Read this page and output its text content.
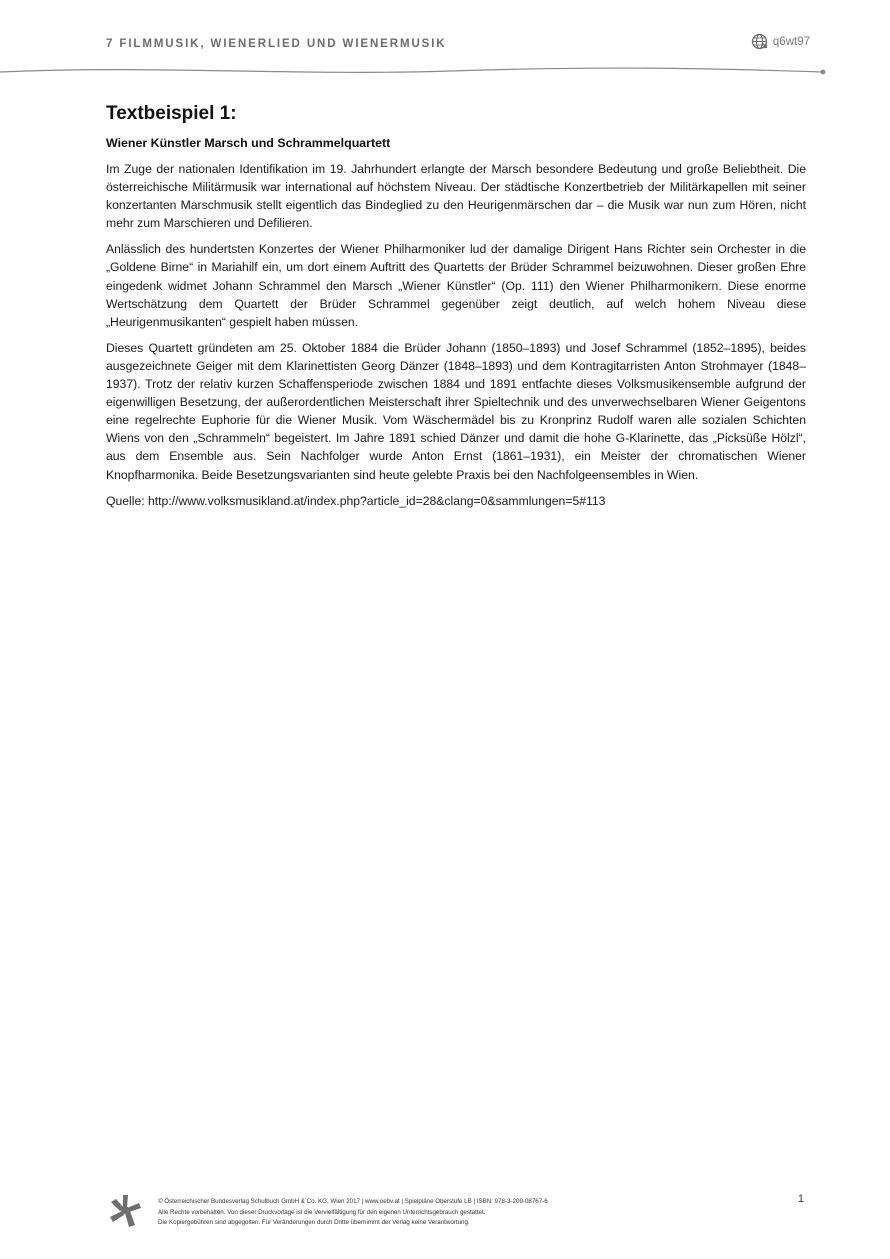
7 FILMMUSIK, WIENERLIED UND WIENERMUSIK	q6wt97
Textbeispiel 1:
Wiener Künstler Marsch und Schrammelquartett

Im Zuge der nationalen Identifikation im 19. Jahrhundert erlangte der Marsch besondere Bedeutung und große Beliebtheit. Die österreichische Militärmusik war international auf höchstem Niveau. Der städtische Konzertbetrieb der Militärkapellen mit seiner konzertanten Marschmusik stellt eigentlich das Bindeglied zu den Heurigenmärschen dar – die Musik war nun zum Hören, nicht mehr zum Marschieren und Defilieren.

Anlässlich des hundertsten Konzertes der Wiener Philharmoniker lud der damalige Dirigent Hans Richter sein Orchester in die „Goldene Birne“ in Mariahilf ein, um dort einem Auftritt des Quartetts der Brüder Schrammel beizuwohnen. Dieser großen Ehre eingedenk widmet Johann Schrammel den Marsch „Wiener Künstler“ (Op. 111) den Wiener Philharmonikern. Diese enorme Wertschätzung dem Quartett der Brüder Schrammel gegenüber zeigt deutlich, auf welch hohem Niveau diese „Heurigenmusikanten“ gespielt haben müssen.

Dieses Quartett gründeten am 25. Oktober 1884 die Brüder Johann (1850–1893) und Josef Schrammel (1852–1895), beides ausgezeichnete Geiger mit dem Klarinettisten Georg Dänzer (1848–1893) und dem Kontragitarristen Anton Strohmayer (1848–1937). Trotz der relativ kurzen Schaffensperiode zwischen 1884 und 1891 entfachte dieses Volksmusikensemble aufgrund der eigenwilligen Besetzung, der außerordentlichen Meisterschaft ihrer Spieltechnik und des unverwechselbaren Wiener Geigentons eine regelrechte Euphorie für die Wiener Musik. Vom Wäschermädel bis zu Kronprinz Rudolf waren alle sozialen Schichten Wiens von den „Schrammeln“ begeistert. Im Jahre 1891 schied Dänzer und damit die hohe G-Klarinette, das „Picksüße Hölzl“, aus dem Ensemble aus. Sein Nachfolger wurde Anton Ernst (1861–1931), ein Meister der chromatischen Wiener Knopfharmonika. Beide Besetzungsvarianten sind heute gelebte Praxis bei den Nachfolgeensembles in Wien.

Quelle: http://www.volksmusikland.at/index.php?article_id=28&clang=0&sammlungen=5#113

© Österreichischer Bundesverlag Schulbuch GmbH & Co. KG, Wien 2017 | www.oebv.at | Spielpläne Oberstufe LB | ISBN: 978-3-209-08767-6
Alle Rechte vorbehalten. Von dieser Druckvorlage ist die Vervielfältigung für den eigenen Unterrichtsgebrauch gestattet.
Die Kopiergebühren sind abgegolten. Für Veränderungen durch Dritte übernimmt der Verlag keine Verantwortung.
1
